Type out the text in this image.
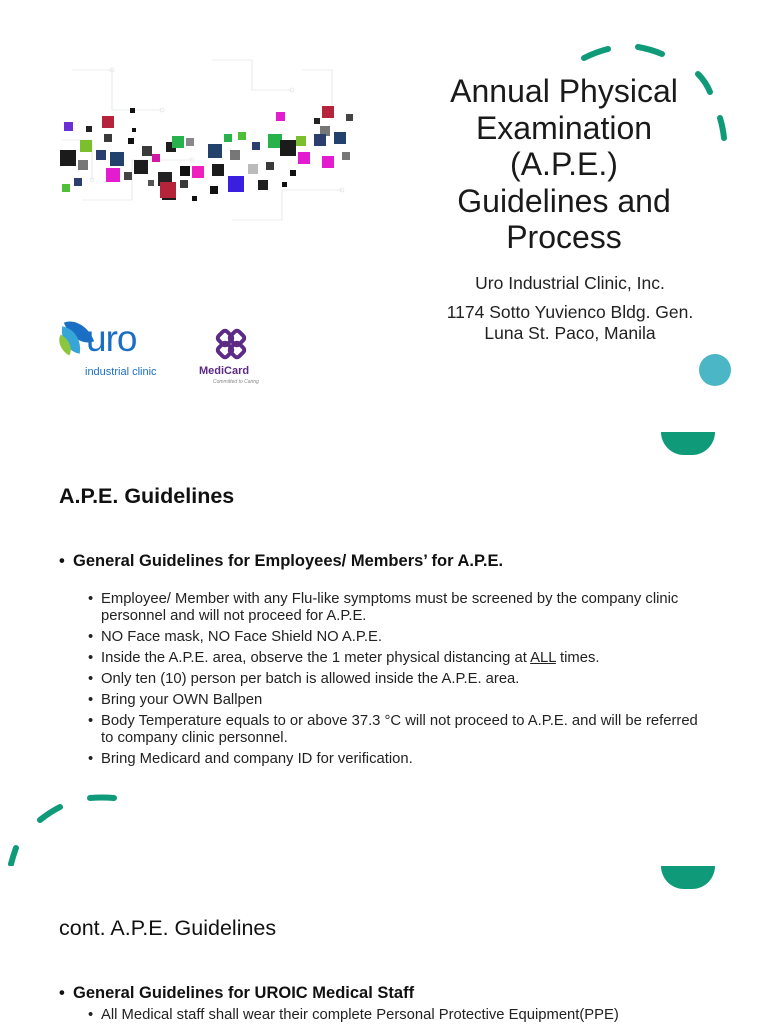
Annual Physical
Examination
(A.P.E.)
Guidelines and
Process
Uro Industrial Clinic, Inc.
1174 Sotto Yuvienco Bldg. Gen.
Luna St. Paco, Manila
uro
industrial clinic	MediCard
Committed to Caring
A.P.E. Guidelines
• General Guidelines for Employees/ Members’ for A.P.E.
• Employee/ Member with any Flu-like symptoms must be screened by the company clinic personnel and will not proceed for A.P.E.
• NO Face mask, NO Face Shield NO A.P.E.
• Inside the A.P.E. area, observe the 1 meter physical distancing at ALL times.
• Only ten (10) person per batch is allowed inside the A.P.E. area.
• Bring your OWN Ballpen
• Body Temperature equals to or above 37.3 °C will not proceed to A.P.E. and will be referred to company clinic personnel.
• Bring Medicard and company ID for verification.
cont. A.P.E. Guidelines
• General Guidelines for UROIC Medical Staff
• All Medical staff shall wear their complete Personal Protective Equipment(PPE)
